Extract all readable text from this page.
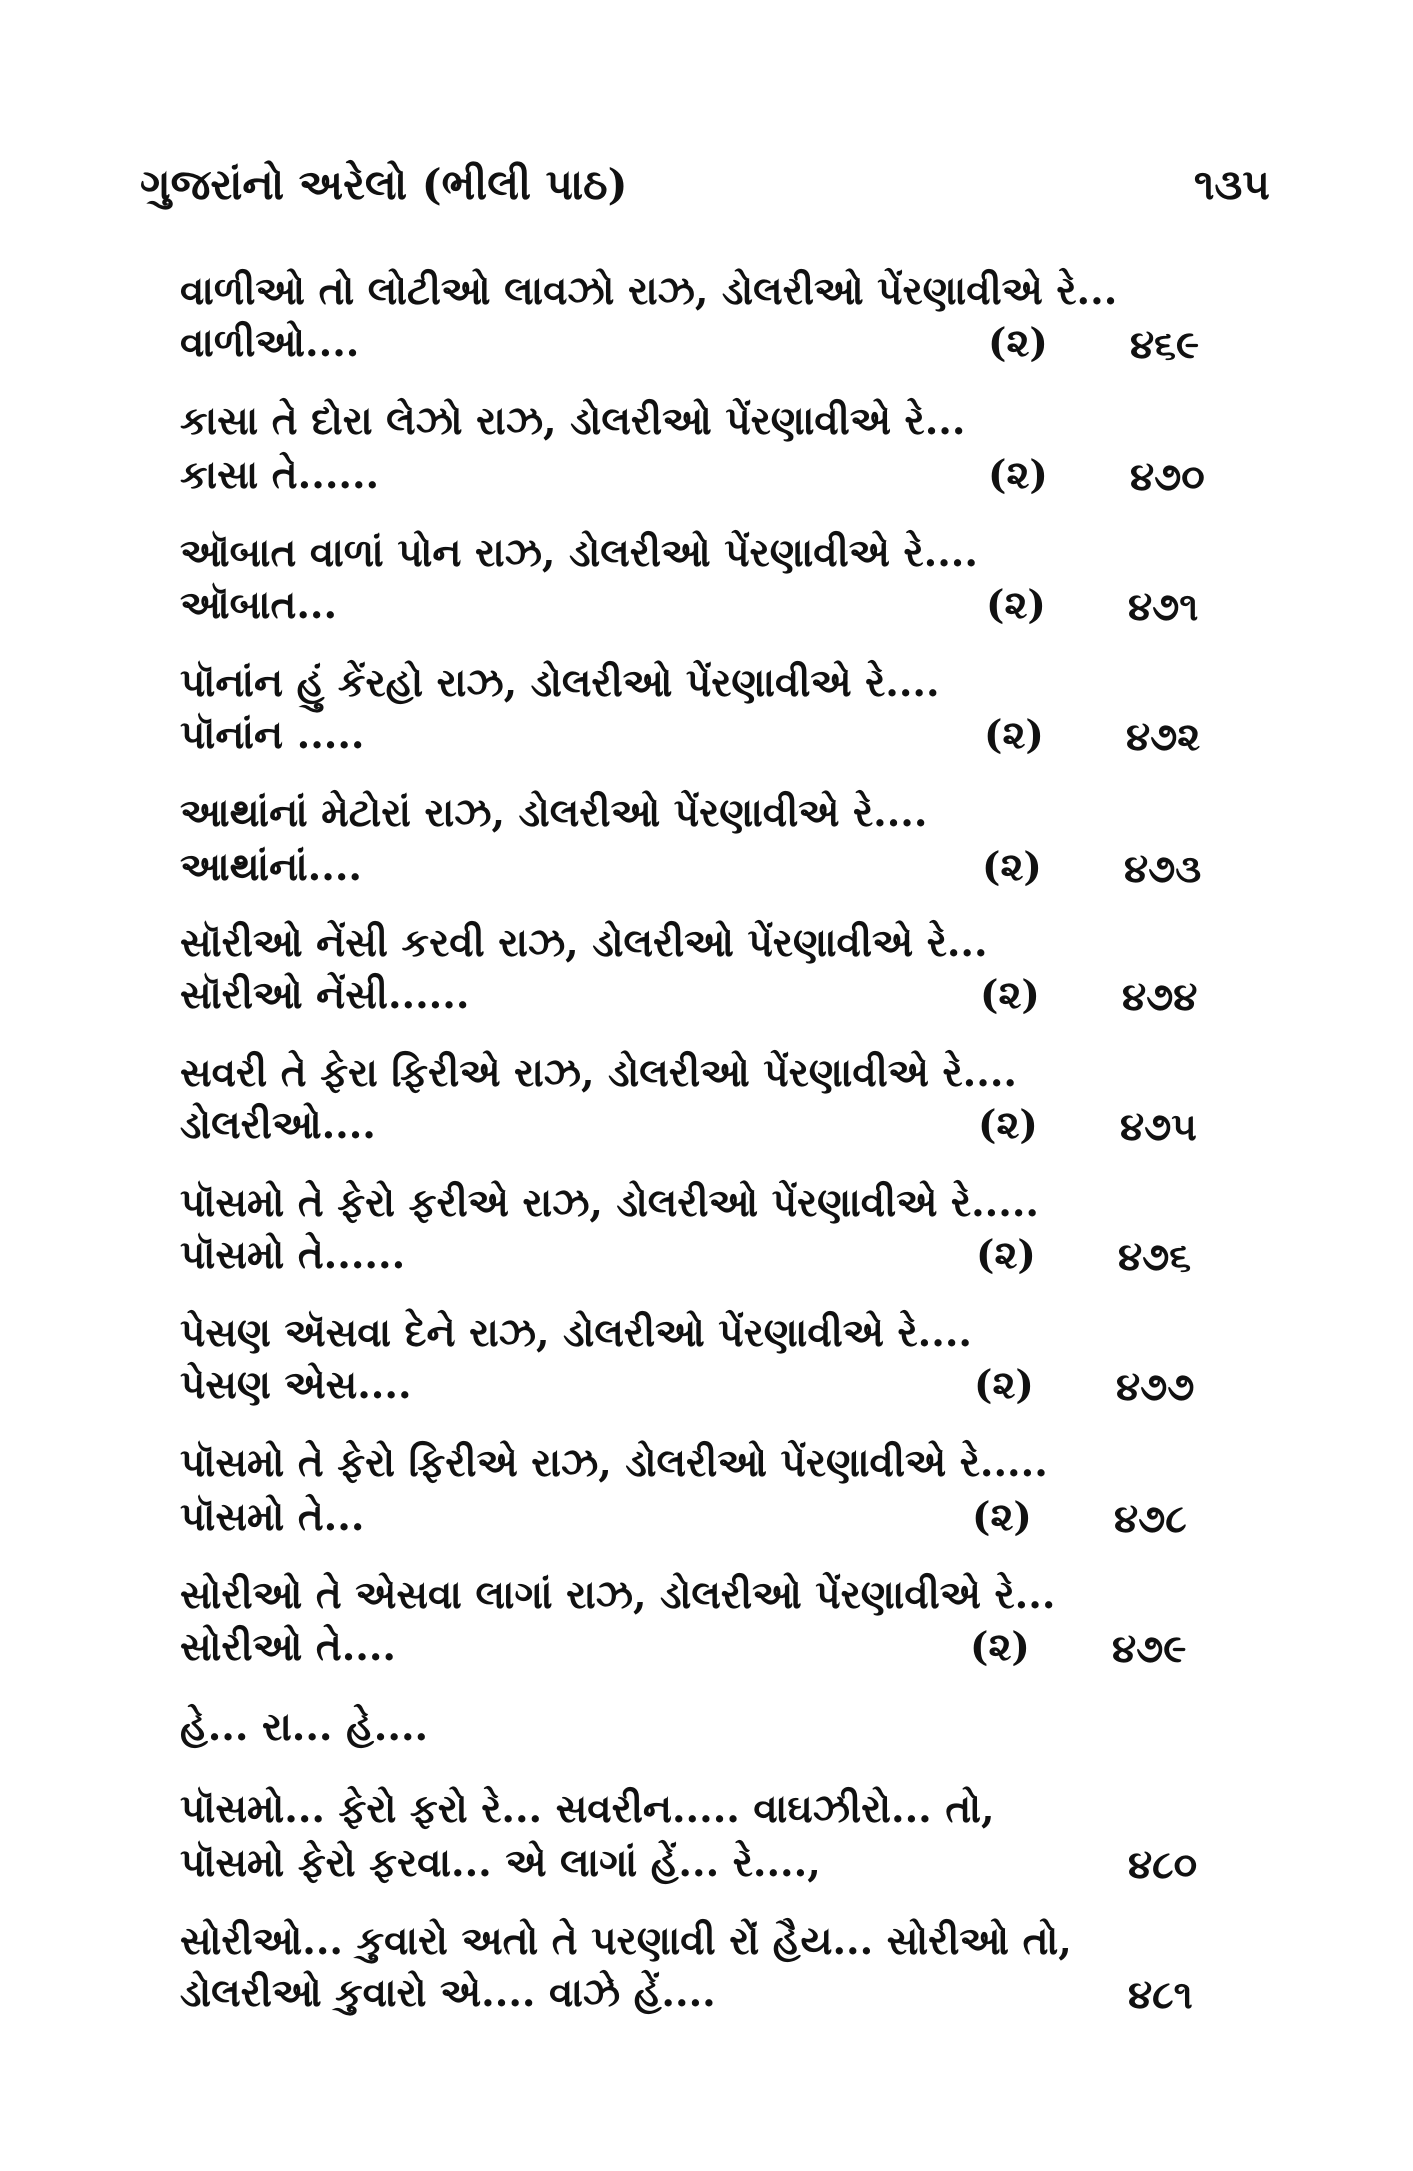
ગુજરાંનો અરેલો (ભીલી પાઠ)	૧૩૫
વાળીઓ તો લોટીઓ લાવઝો રાઝ, ડોલરીઓ પેંરણાવીએ રે...
વાળીઓ....	(૨) ૪૬૯
કાસા તે દોરા લેઝો રાઝ, ડોલરીઓ પેંરણાવીએ રે...
કાસા તે......	(૨) ૪૭૦
ઑબાત વાળાં પોન રાઝ, ડોલરીઓ પેંરણાવીએ રે....
ઑબાત...	(૨) ૪૭૧
પૉનાંન હું કેંરહો રાઝ, ડોલરીઓ પેંરણાવીએ રે....
પૉનાંન .....	(૨) ૪૭૨
આથાંનાં મેટોરાં રાઝ, ડોલરીઓ પેંરણાવીએ રે....
આથાંનાં....	(૨) ૪૭૩
સૉરીઓ નેંસી કરવી રાઝ, ડોલરીઓ પેંરણાવીએ રે...
સૉરીઓ નેંસી......	(૨) ૪૭૪
સવરી તે ફેરા ફિરીએ રાઝ, ડોલરીઓ પેંરણાવીએ રે....
ડોલરીઓ....	(૨) ૪૭૫
પૉસમો તે ફેરો ફરીએ રાઝ, ડોલરીઓ પેંરણાવીએ રે.....
પૉસમો તે......	(૨) ૪૭૬
પેસણ ઍસવા દેને રાઝ, ડોલરીઓ પેંરણાવીએ રે....
પેસણ એસ....	(૨) ૪૭૭
પૉસમો તે ફેરો ફિરીએ રાઝ, ડોલરીઓ પેંરણાવીએ રે.....
પૉસમો તે...	(૨) ૪૭૮
સોરીઓ તે એસવા લાગાં રાઝ, ડોલરીઓ પેંરણાવીએ રે...
સોરીઓ તે....	(૨) ૪૭૯
હે... રા... હે....
પૉસમો... ફેરો ફરો રે... સવરીન..... વાઘઝીરો... તો,
પૉસમો ફેરો ફરવા... એ લાગાં હેં... રે....,	૪૮૦
સોરીઓ... કુવારો અતો તે પરણાવી રોં હૈય... સોરીઓ તો,
ડોલરીઓ કુવારો એ.... વાઝે હેં....	૪૮૧
